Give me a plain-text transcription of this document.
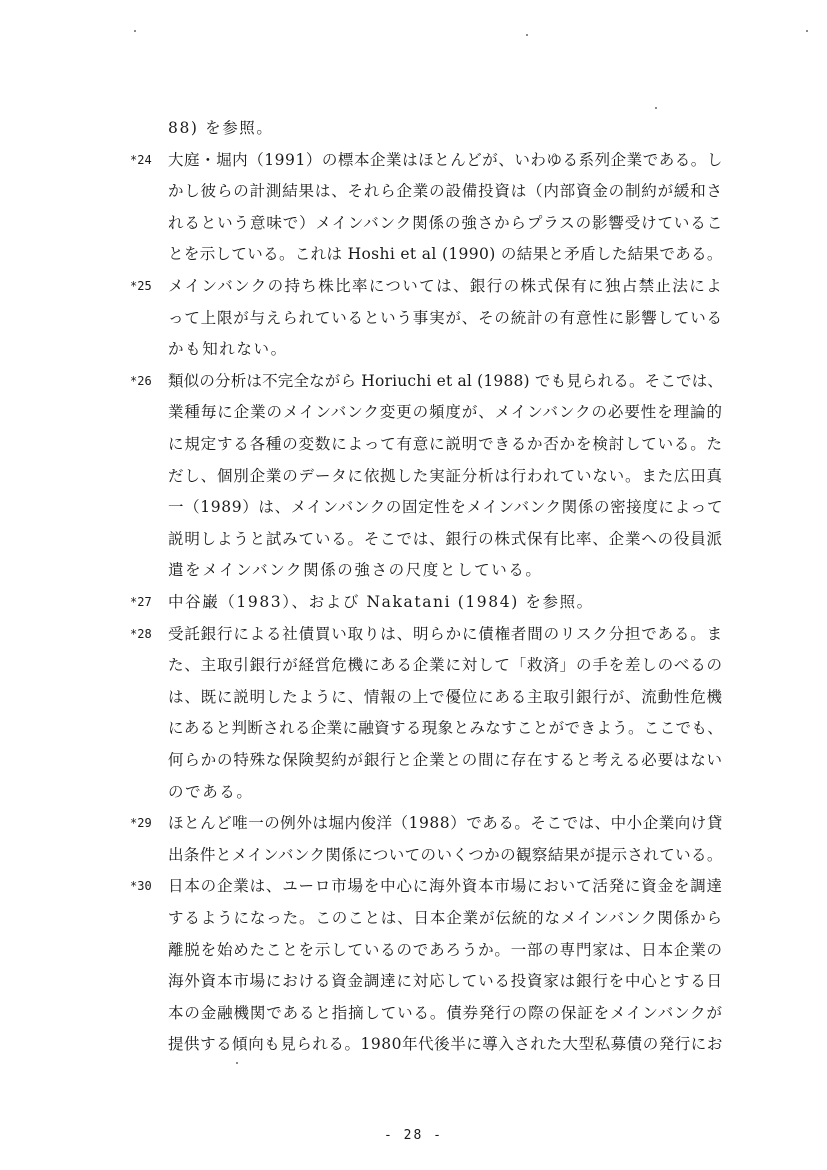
88) を参照。
*24 大庭・堀内（1991）の標本企業はほとんどが、いわゆる系列企業である。し
かし彼らの計測結果は、それら企業の設備投資は（内部資金の制約が緩和さ
れるという意味で）メインバンク関係の強さからプラスの影響受けているこ
とを示している。これは Hoshi et al (1990) の結果と矛盾した結果である。
*25 メインバンクの持ち株比率については、銀行の株式保有に独占禁止法によ
って上限が与えられているという事実が、その統計の有意性に影響している
かも知れない。
*26 類似の分析は不完全ながら Horiuchi et al (1988) でも見られる。そこでは、
業種毎に企業のメインバンク変更の頻度が、メインバンクの必要性を理論的
に規定する各種の変数によって有意に説明できるか否かを検討している。た
だし、個別企業のデータに依拠した実証分析は行われていない。また広田真
一（1989）は、メインバンクの固定性をメインバンク関係の密接度によって
説明しようと試みている。そこでは、銀行の株式保有比率、企業への役員派
遣をメインバンク関係の強さの尺度としている。
*27 中谷巌（1983）、および Nakatani (1984) を参照。
*28 受託銀行による社債買い取りは、明らかに債権者間のリスク分担である。ま
た、主取引銀行が経営危機にある企業に対して「救済」の手を差しのべるの
は、既に説明したように、情報の上で優位にある主取引銀行が、流動性危機
にあると判断される企業に融資する現象とみなすことができよう。ここでも、
何らかの特殊な保険契約が銀行と企業との間に存在すると考える必要はない
のである。
*29 ほとんど唯一の例外は堀内俊洋（1988）である。そこでは、中小企業向け貸
出条件とメインバンク関係についてのいくつかの観察結果が提示されている。
*30 日本の企業は、ユーロ市場を中心に海外資本市場において活発に資金を調達
するようになった。このことは、日本企業が伝統的なメインバンク関係から
離脱を始めたことを示しているのであろうか。一部の専門家は、日本企業の
海外資本市場における資金調達に対応している投資家は銀行を中心とする日
本の金融機関であると指摘している。債券発行の際の保証をメインバンクが
提供する傾向も見られる。1980年代後半に導入された大型私募債の発行にお
- 28 -
